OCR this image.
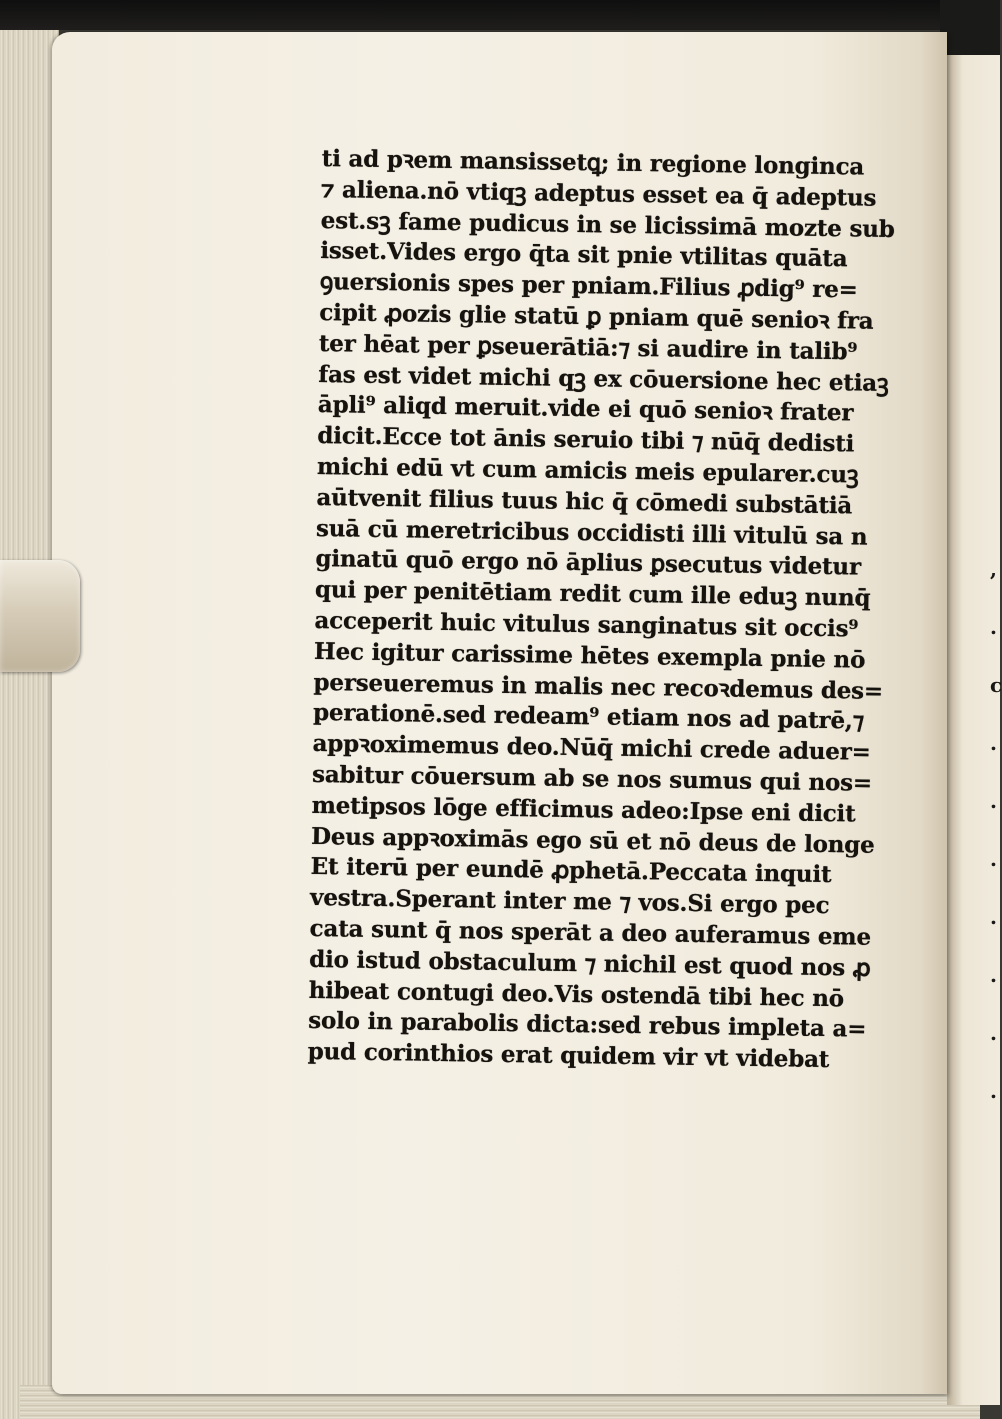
,
.
c
.
.
.
.
.
.
.
ti ad pꝛem mansissetꝗ; in regione longinca
⁊ aliena.nō vtiqꝫ adeptus esset ea q̄ adeptus
est.sꝫ fame pudicus in se licissimā mozte sub
isset.Vides ergo q̄ta sit pnie vtilitas quāta
ꝯuersionis spes per pniam.Filius ꝓdig⁹ re=
cipit ꝓozis glie statū ꝑ pniam quē senioꝛ fra
ter hēat per ꝑseuerātiā:⁊ si audire in talib⁹
fas est videt michi qꝫ ex cōuersione hec etiaꝫ
āpli⁹ aliqd meruit.vide ei quō senioꝛ frater
dicit.Ecce tot ānis seruio tibi ⁊ nūq̄ dedisti
michi edū vt cum amicis meis epularer.cuꝫ
aūtvenit filius tuus hic q̄ cōmedi substātiā
suā cū meretricibus occidisti illi vitulū sa n
ginatū quō ergo nō āplius ꝑsecutus videtur
qui per penitētiam redit cum ille eduꝫ nunq̄
acceperit huic vitulus sanginatus sit occis⁹
Hec igitur carissime hētes exempla pnie nō
perseueremus in malis nec recoꝛdemus des=
perationē.sed redeam⁹ etiam nos ad patrē,⁊
appꝛoximemus deo.Nūq̄ michi crede aduer=
sabitur cōuersum ab se nos sumus qui nos=
metipsos lōge efficimus adeo:Ipse eni dicit
Deus appꝛoximās ego sū et nō deus de longe
Et iterū per eundē ꝓphetā.Peccata inquit
vestra.Sperant inter me ⁊ vos.Si ergo pec
cata sunt q̄ nos sperāt a deo auferamus eme
dio istud obstaculum ⁊ nichil est quod nos ꝓ
hibeat contugi deo.Vis ostendā tibi hec nō
solo in parabolis dicta:sed rebus impleta a=
pud corinthios erat quidem vir vt videbat
